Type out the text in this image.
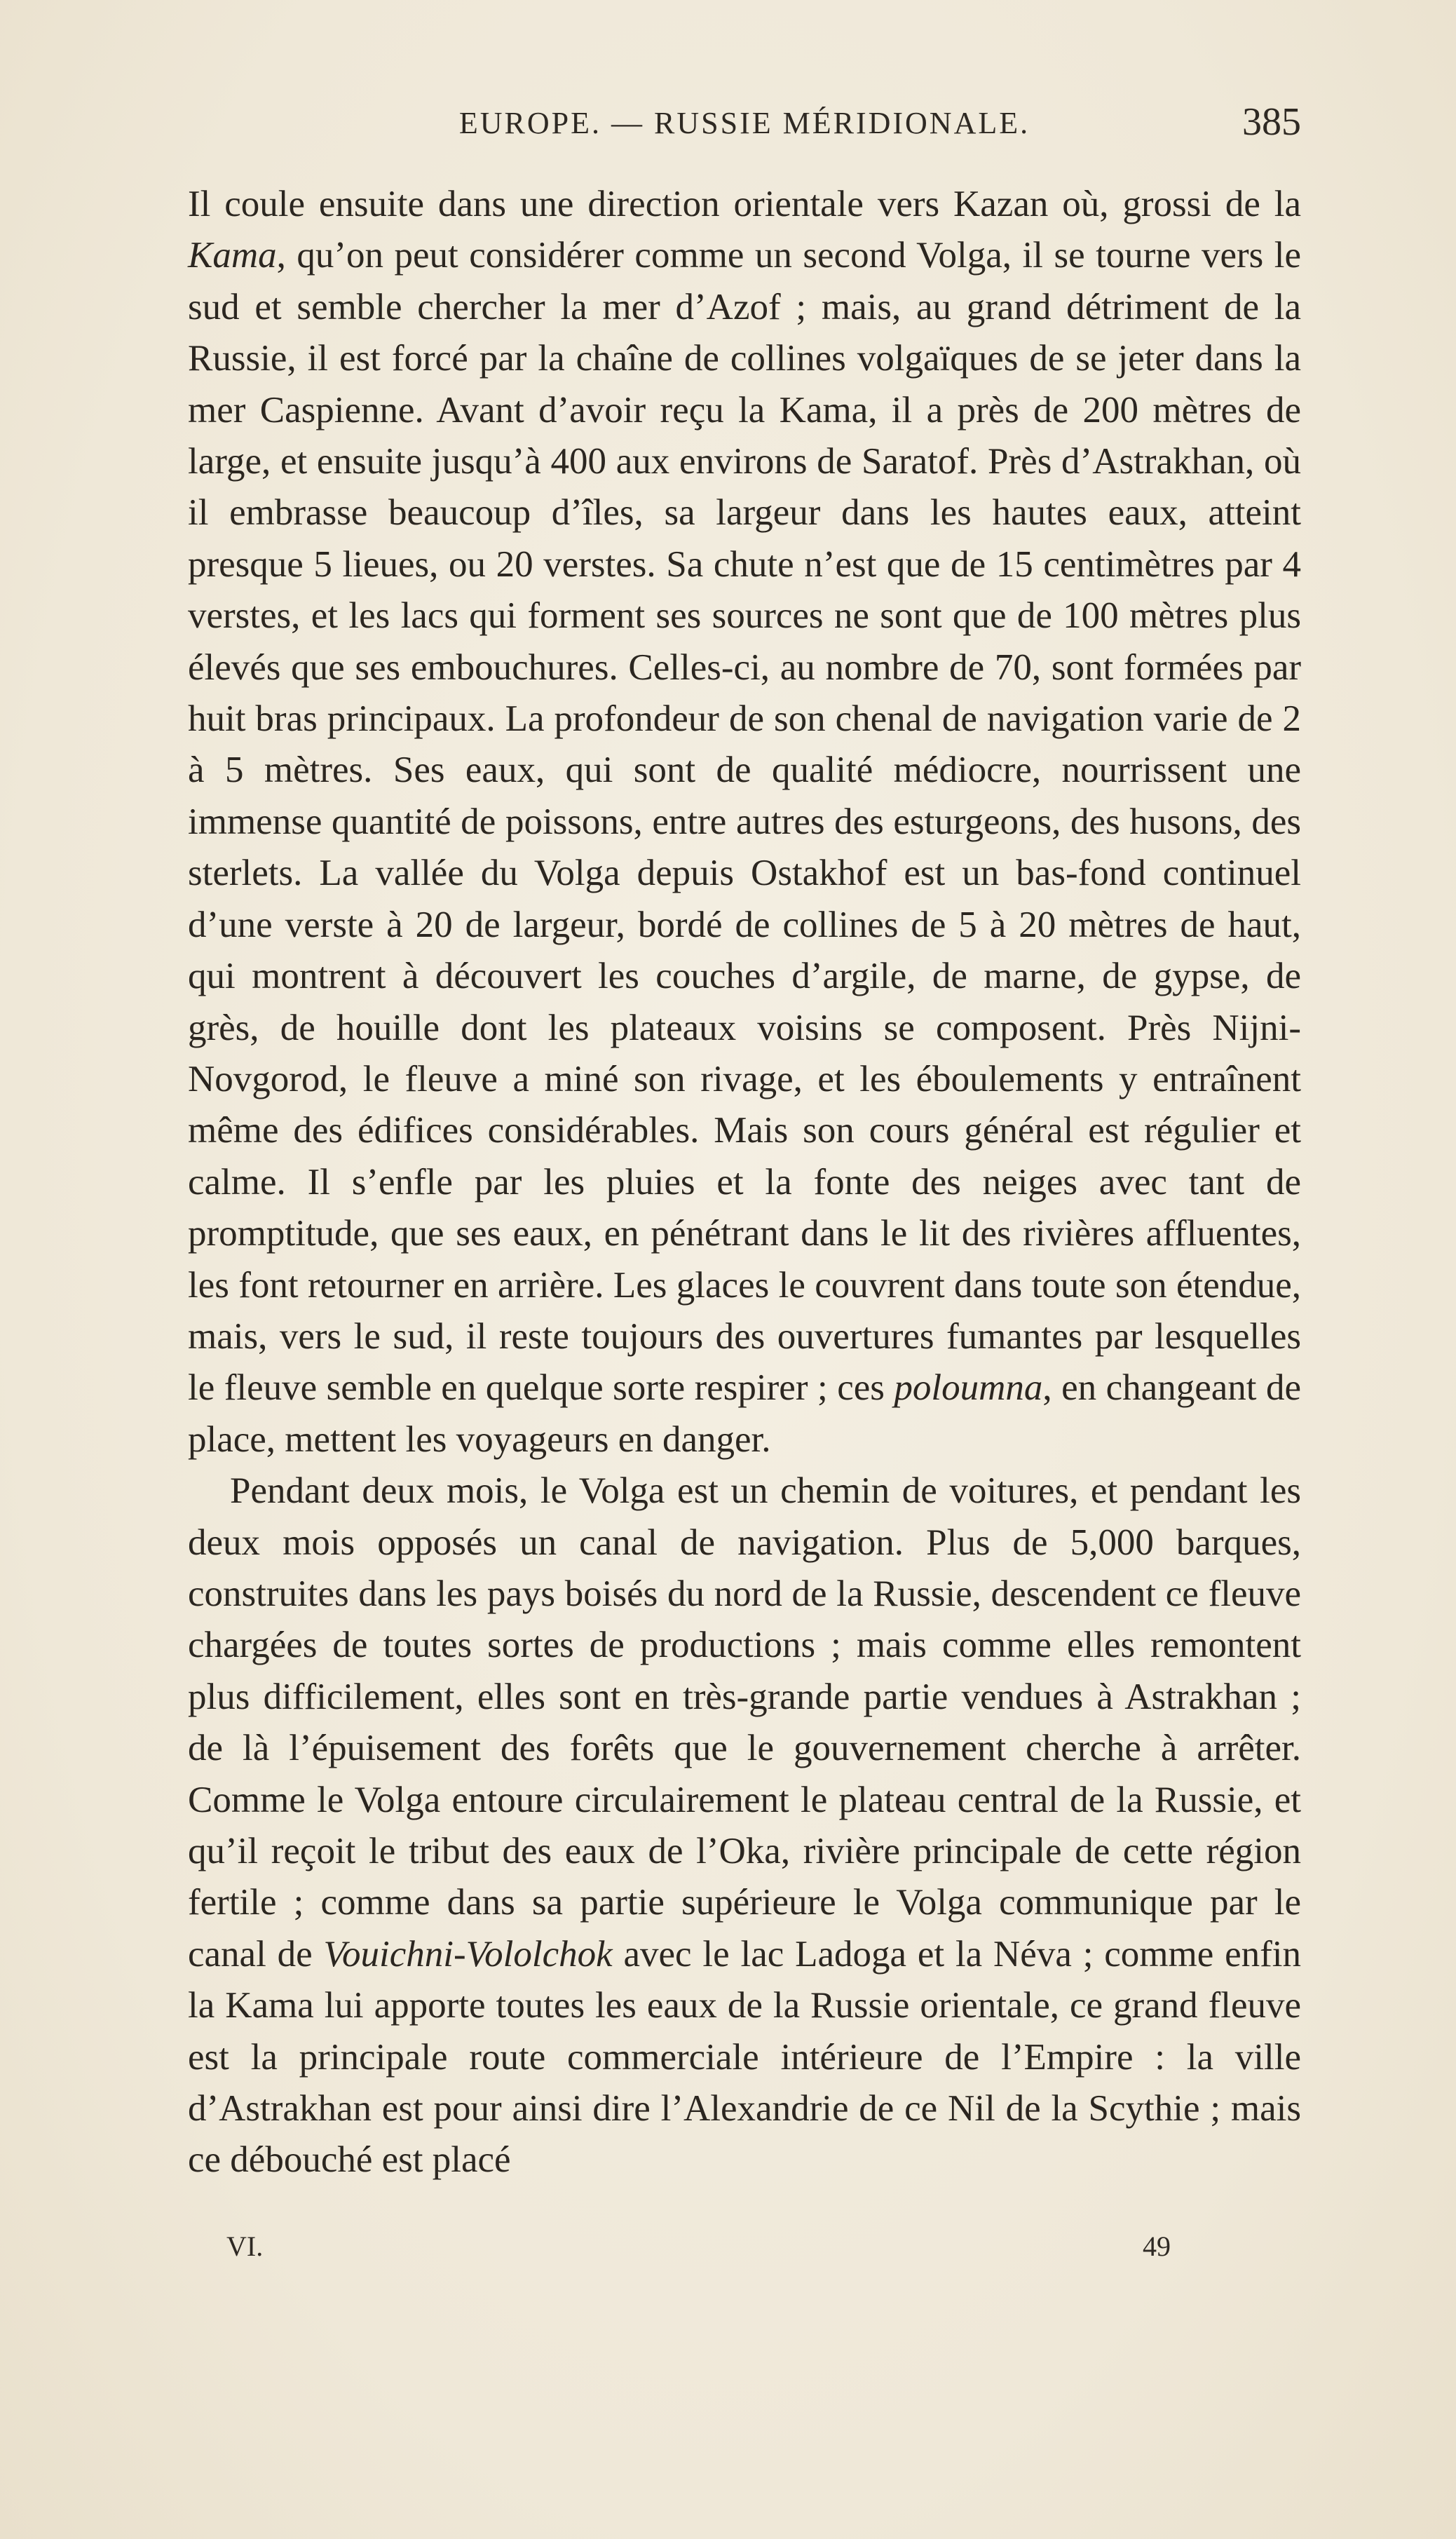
EUROPE. — RUSSIE MÉRIDIONALE.	385

Il coule ensuite dans une direction orientale vers Kazan où, grossi de la Kama, qu’on peut considérer comme un second Volga, il se tourne vers le sud et semble chercher la mer d’Azof ; mais, au grand détriment de la Russie, il est forcé par la chaîne de collines volgaïques de se jeter dans la mer Caspienne. Avant d’avoir reçu la Kama, il a près de 200 mètres de large, et ensuite jusqu’à 400 aux environs de Saratof. Près d’Astrakhan, où il embrasse beaucoup d’îles, sa largeur dans les hautes eaux, atteint presque 5 lieues, ou 20 verstes. Sa chute n’est que de 15 centimètres par 4 verstes, et les lacs qui forment ses sources ne sont que de 100 mètres plus élevés que ses embouchures. Celles-ci, au nombre de 70, sont formées par huit bras principaux. La profondeur de son chenal de navigation varie de 2 à 5 mètres. Ses eaux, qui sont de qualité médiocre, nourrissent une immense quantité de poissons, entre autres des esturgeons, des husons, des sterlets. La vallée du Volga depuis Ostakhof est un bas-fond continuel d’une verste à 20 de largeur, bordé de collines de 5 à 20 mètres de haut, qui montrent à découvert les couches d’argile, de marne, de gypse, de grès, de houille dont les plateaux voisins se composent. Près Nijni-Novgorod, le fleuve a miné son rivage, et les éboulements y entraînent même des édifices considérables. Mais son cours général est régulier et calme. Il s’enfle par les pluies et la fonte des neiges avec tant de promptitude, que ses eaux, en pénétrant dans le lit des rivières affluentes, les font retourner en arrière. Les glaces le couvrent dans toute son étendue, mais, vers le sud, il reste toujours des ouvertures fumantes par lesquelles le fleuve semble en quelque sorte respirer ; ces poloumna, en changeant de place, mettent les voyageurs en danger.

Pendant deux mois, le Volga est un chemin de voitures, et pendant les deux mois opposés un canal de navigation. Plus de 5,000 barques, construites dans les pays boisés du nord de la Russie, descendent ce fleuve chargées de toutes sortes de productions ; mais comme elles remontent plus difficilement, elles sont en très-grande partie vendues à Astrakhan ; de là l’épuisement des forêts que le gouvernement cherche à arrêter. Comme le Volga entoure circulairement le plateau central de la Russie, et qu’il reçoit le tribut des eaux de l’Oka, rivière principale de cette région fertile ; comme dans sa partie supérieure le Volga communique par le canal de Vouichni-Vololchok avec le lac Ladoga et la Néva ; comme enfin la Kama lui apporte toutes les eaux de la Russie orientale, ce grand fleuve est la principale route commerciale intérieure de l’Empire : la ville d’Astrakhan est pour ainsi dire l’Alexandrie de ce Nil de la Scythie ; mais ce débouché est placé

VI.	49
